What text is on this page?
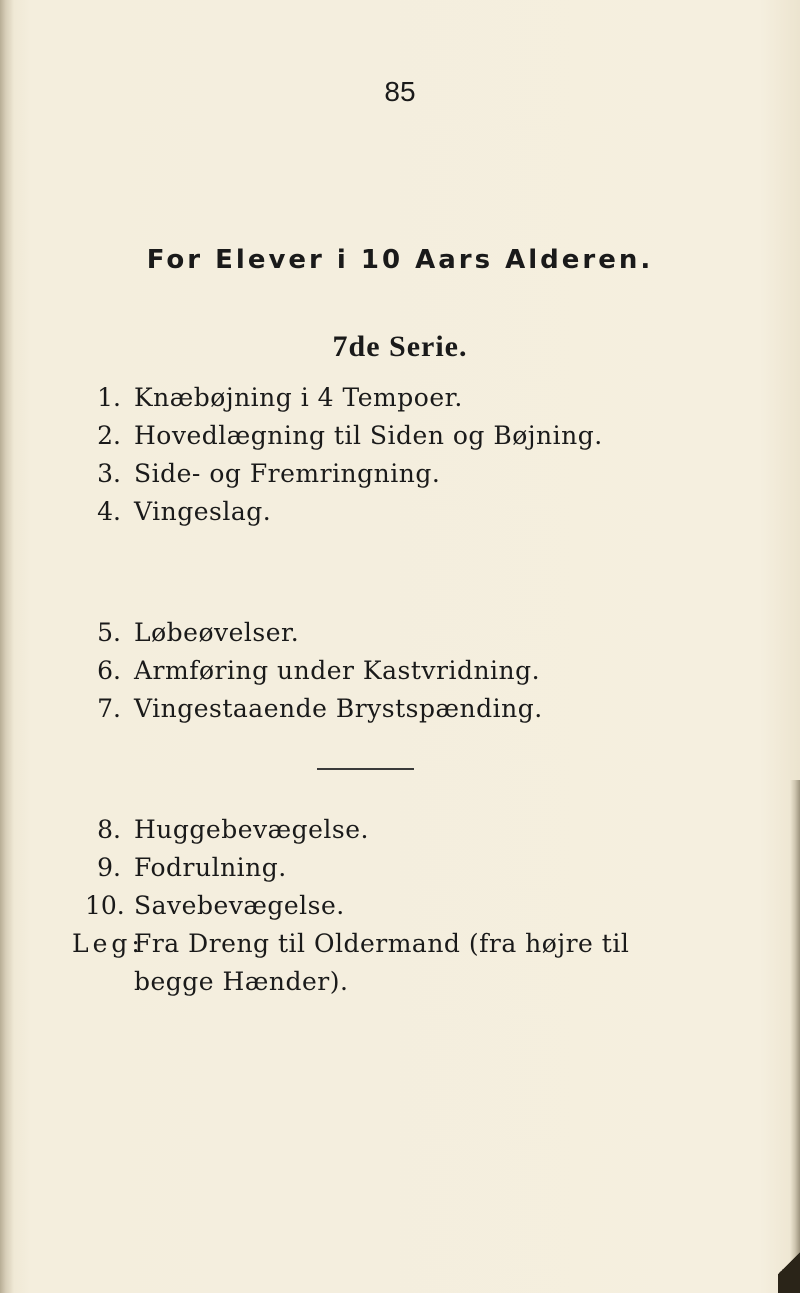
85
For Elever i 10 Aars Alderen.
7de Serie.
1. Knæbøjning i 4 Tempoer.
2. Hovedlægning til Siden og Bøjning.
3. Side- og Fremringning.
4. Vingeslag.
5. Løbeøvelser.
6. Armføring under Kastvridning.
7. Vingestaaende Brystspænding.
8. Huggebevægelse.
9. Fodrulning.
10. Savebevægelse.
Leg:Fra Dreng til Oldermand (fra højre til
begge Hænder).
